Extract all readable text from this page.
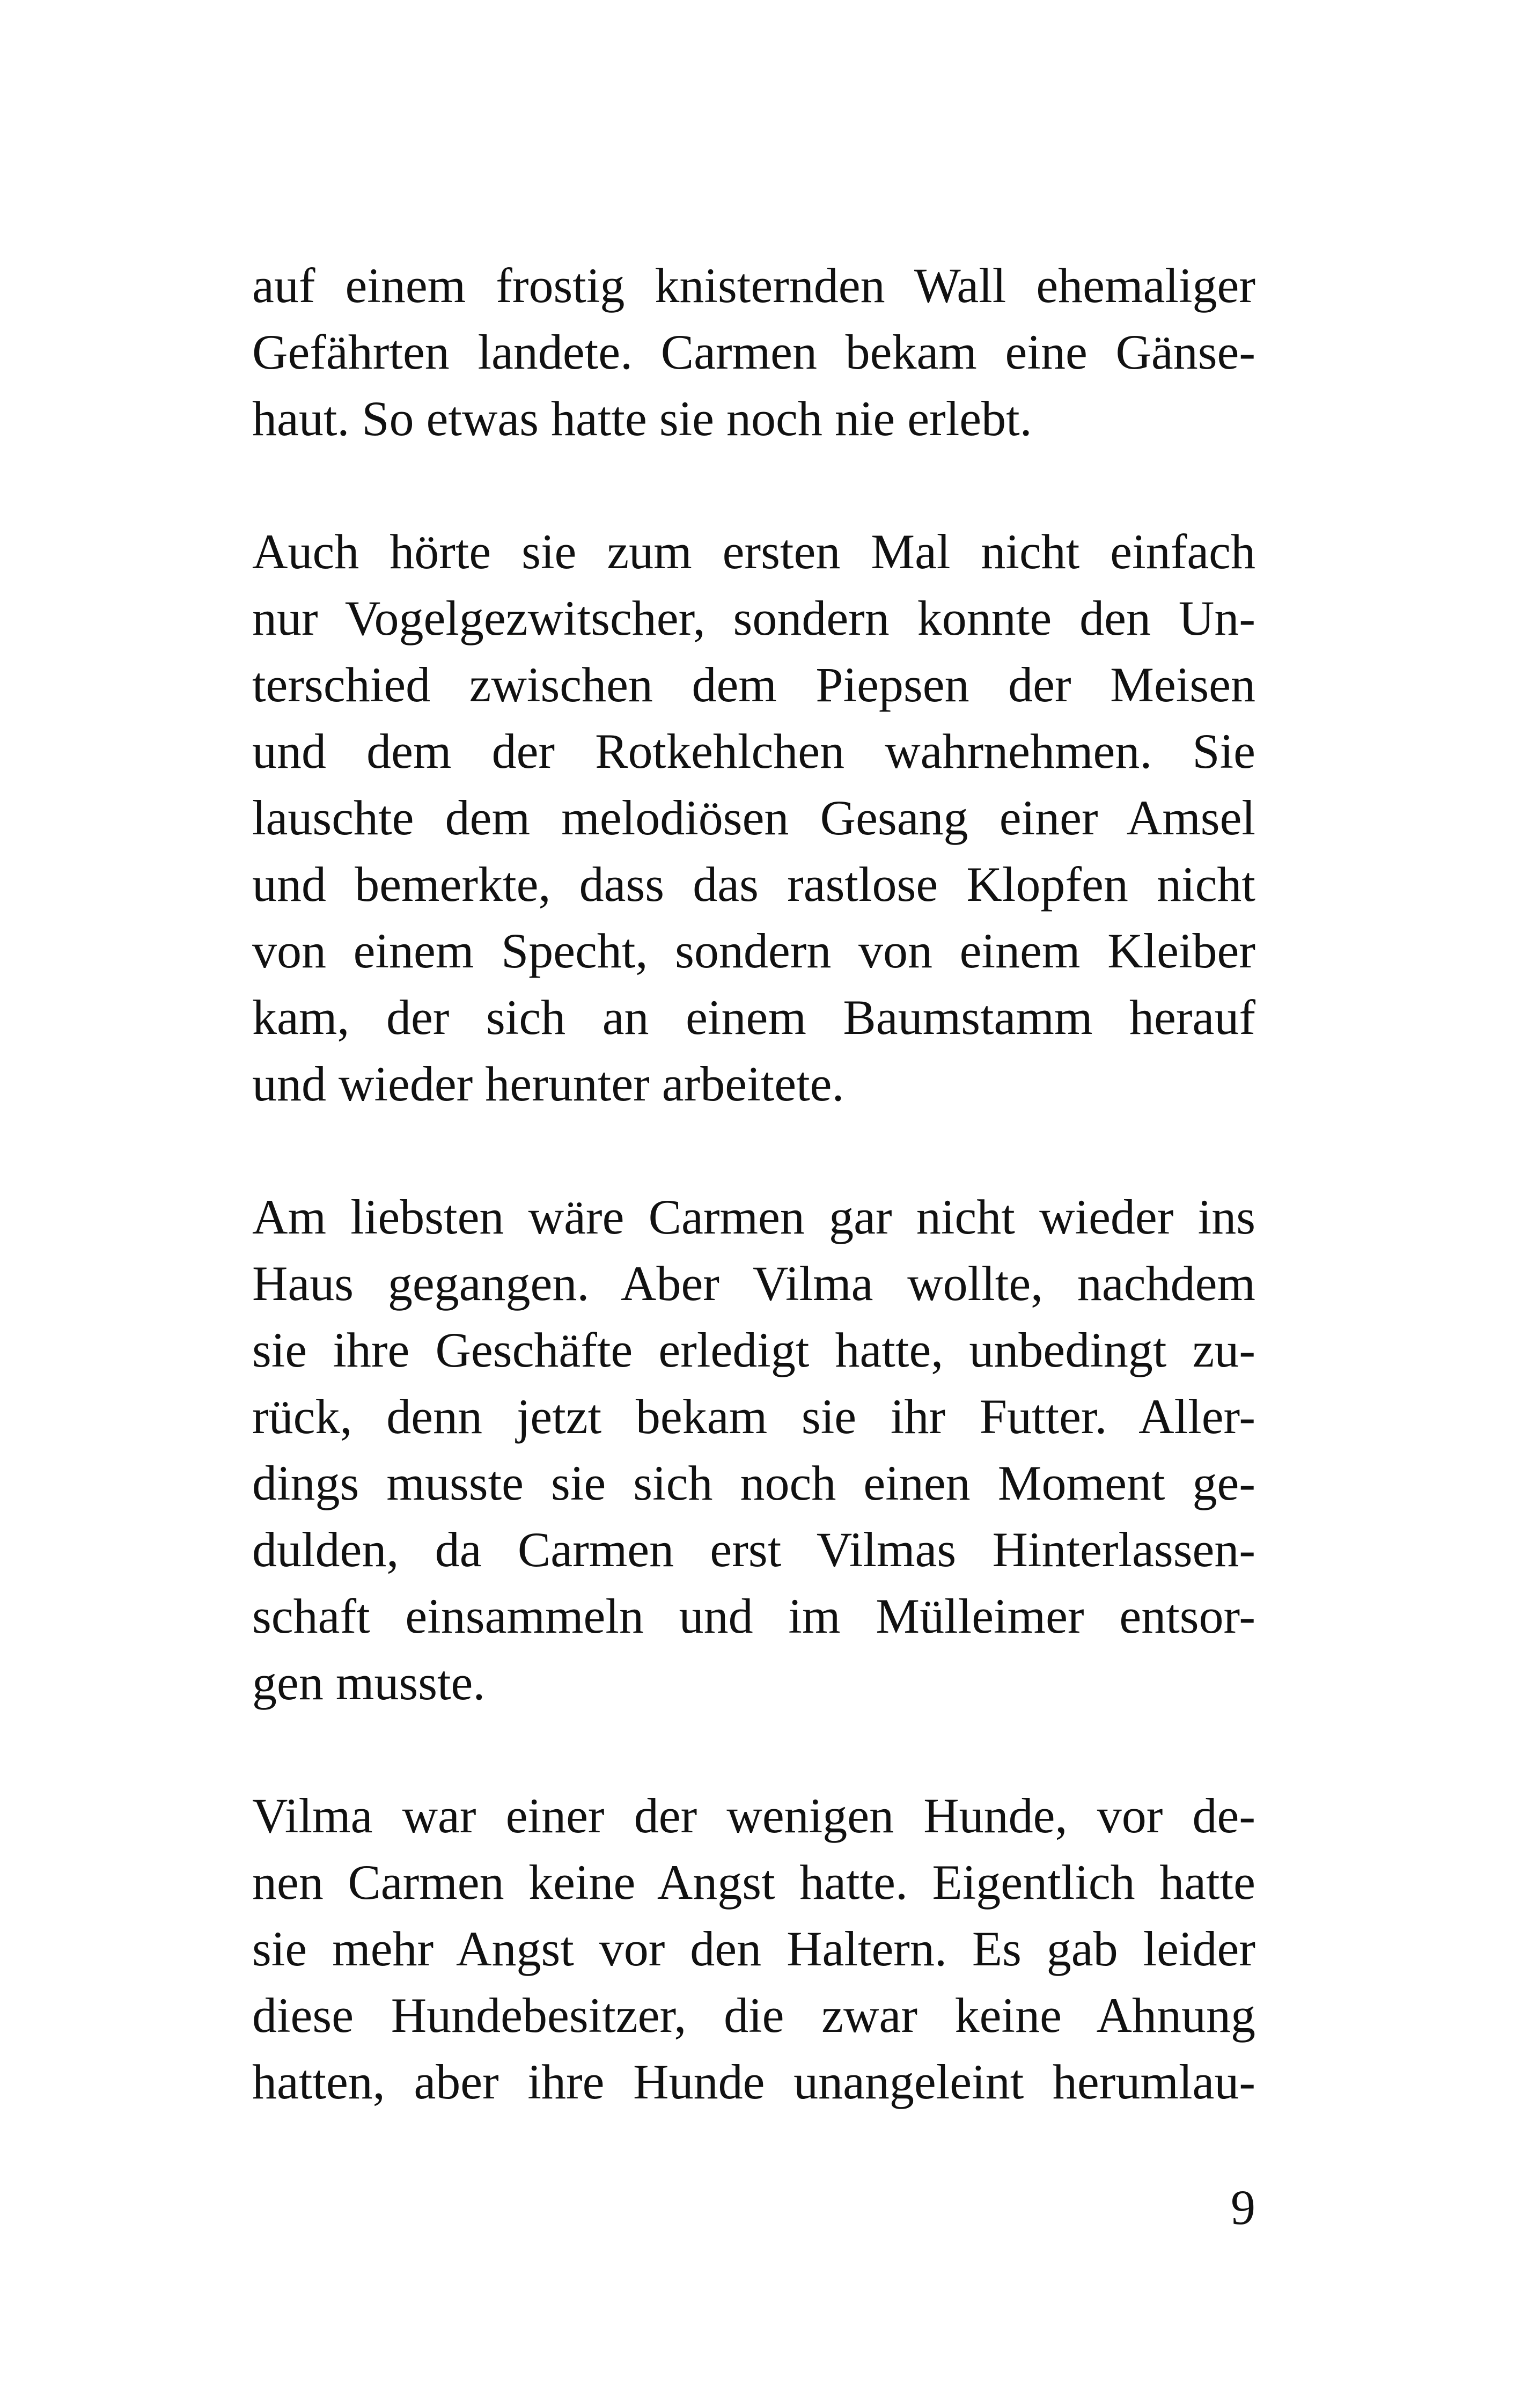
auf einem frostig knisternden Wall ehemaliger
Gefährten landete. Carmen bekam eine Gänse-
haut. So etwas hatte sie noch nie erlebt.
Auch hörte sie zum ersten Mal nicht einfach
nur Vogelgezwitscher, sondern konnte den Un-
terschied zwischen dem Piepsen der Meisen
und dem der Rotkehlchen wahrnehmen. Sie
lauschte dem melodiösen Gesang einer Amsel
und bemerkte, dass das rastlose Klopfen nicht
von einem Specht, sondern von einem Kleiber
kam, der sich an einem Baumstamm herauf
und wieder herunter arbeitete.
Am liebsten wäre Carmen gar nicht wieder ins
Haus gegangen. Aber Vilma wollte, nachdem
sie ihre Geschäfte erledigt hatte, unbedingt zu-
rück, denn jetzt bekam sie ihr Futter. Aller-
dings musste sie sich noch einen Moment ge-
dulden, da Carmen erst Vilmas Hinterlassen-
schaft einsammeln und im Mülleimer entsor-
gen musste.
Vilma war einer der wenigen Hunde, vor de-
nen Carmen keine Angst hatte. Eigentlich hatte
sie mehr Angst vor den Haltern. Es gab leider
diese Hundebesitzer, die zwar keine Ahnung
hatten, aber ihre Hunde unangeleint herumlau-
9
